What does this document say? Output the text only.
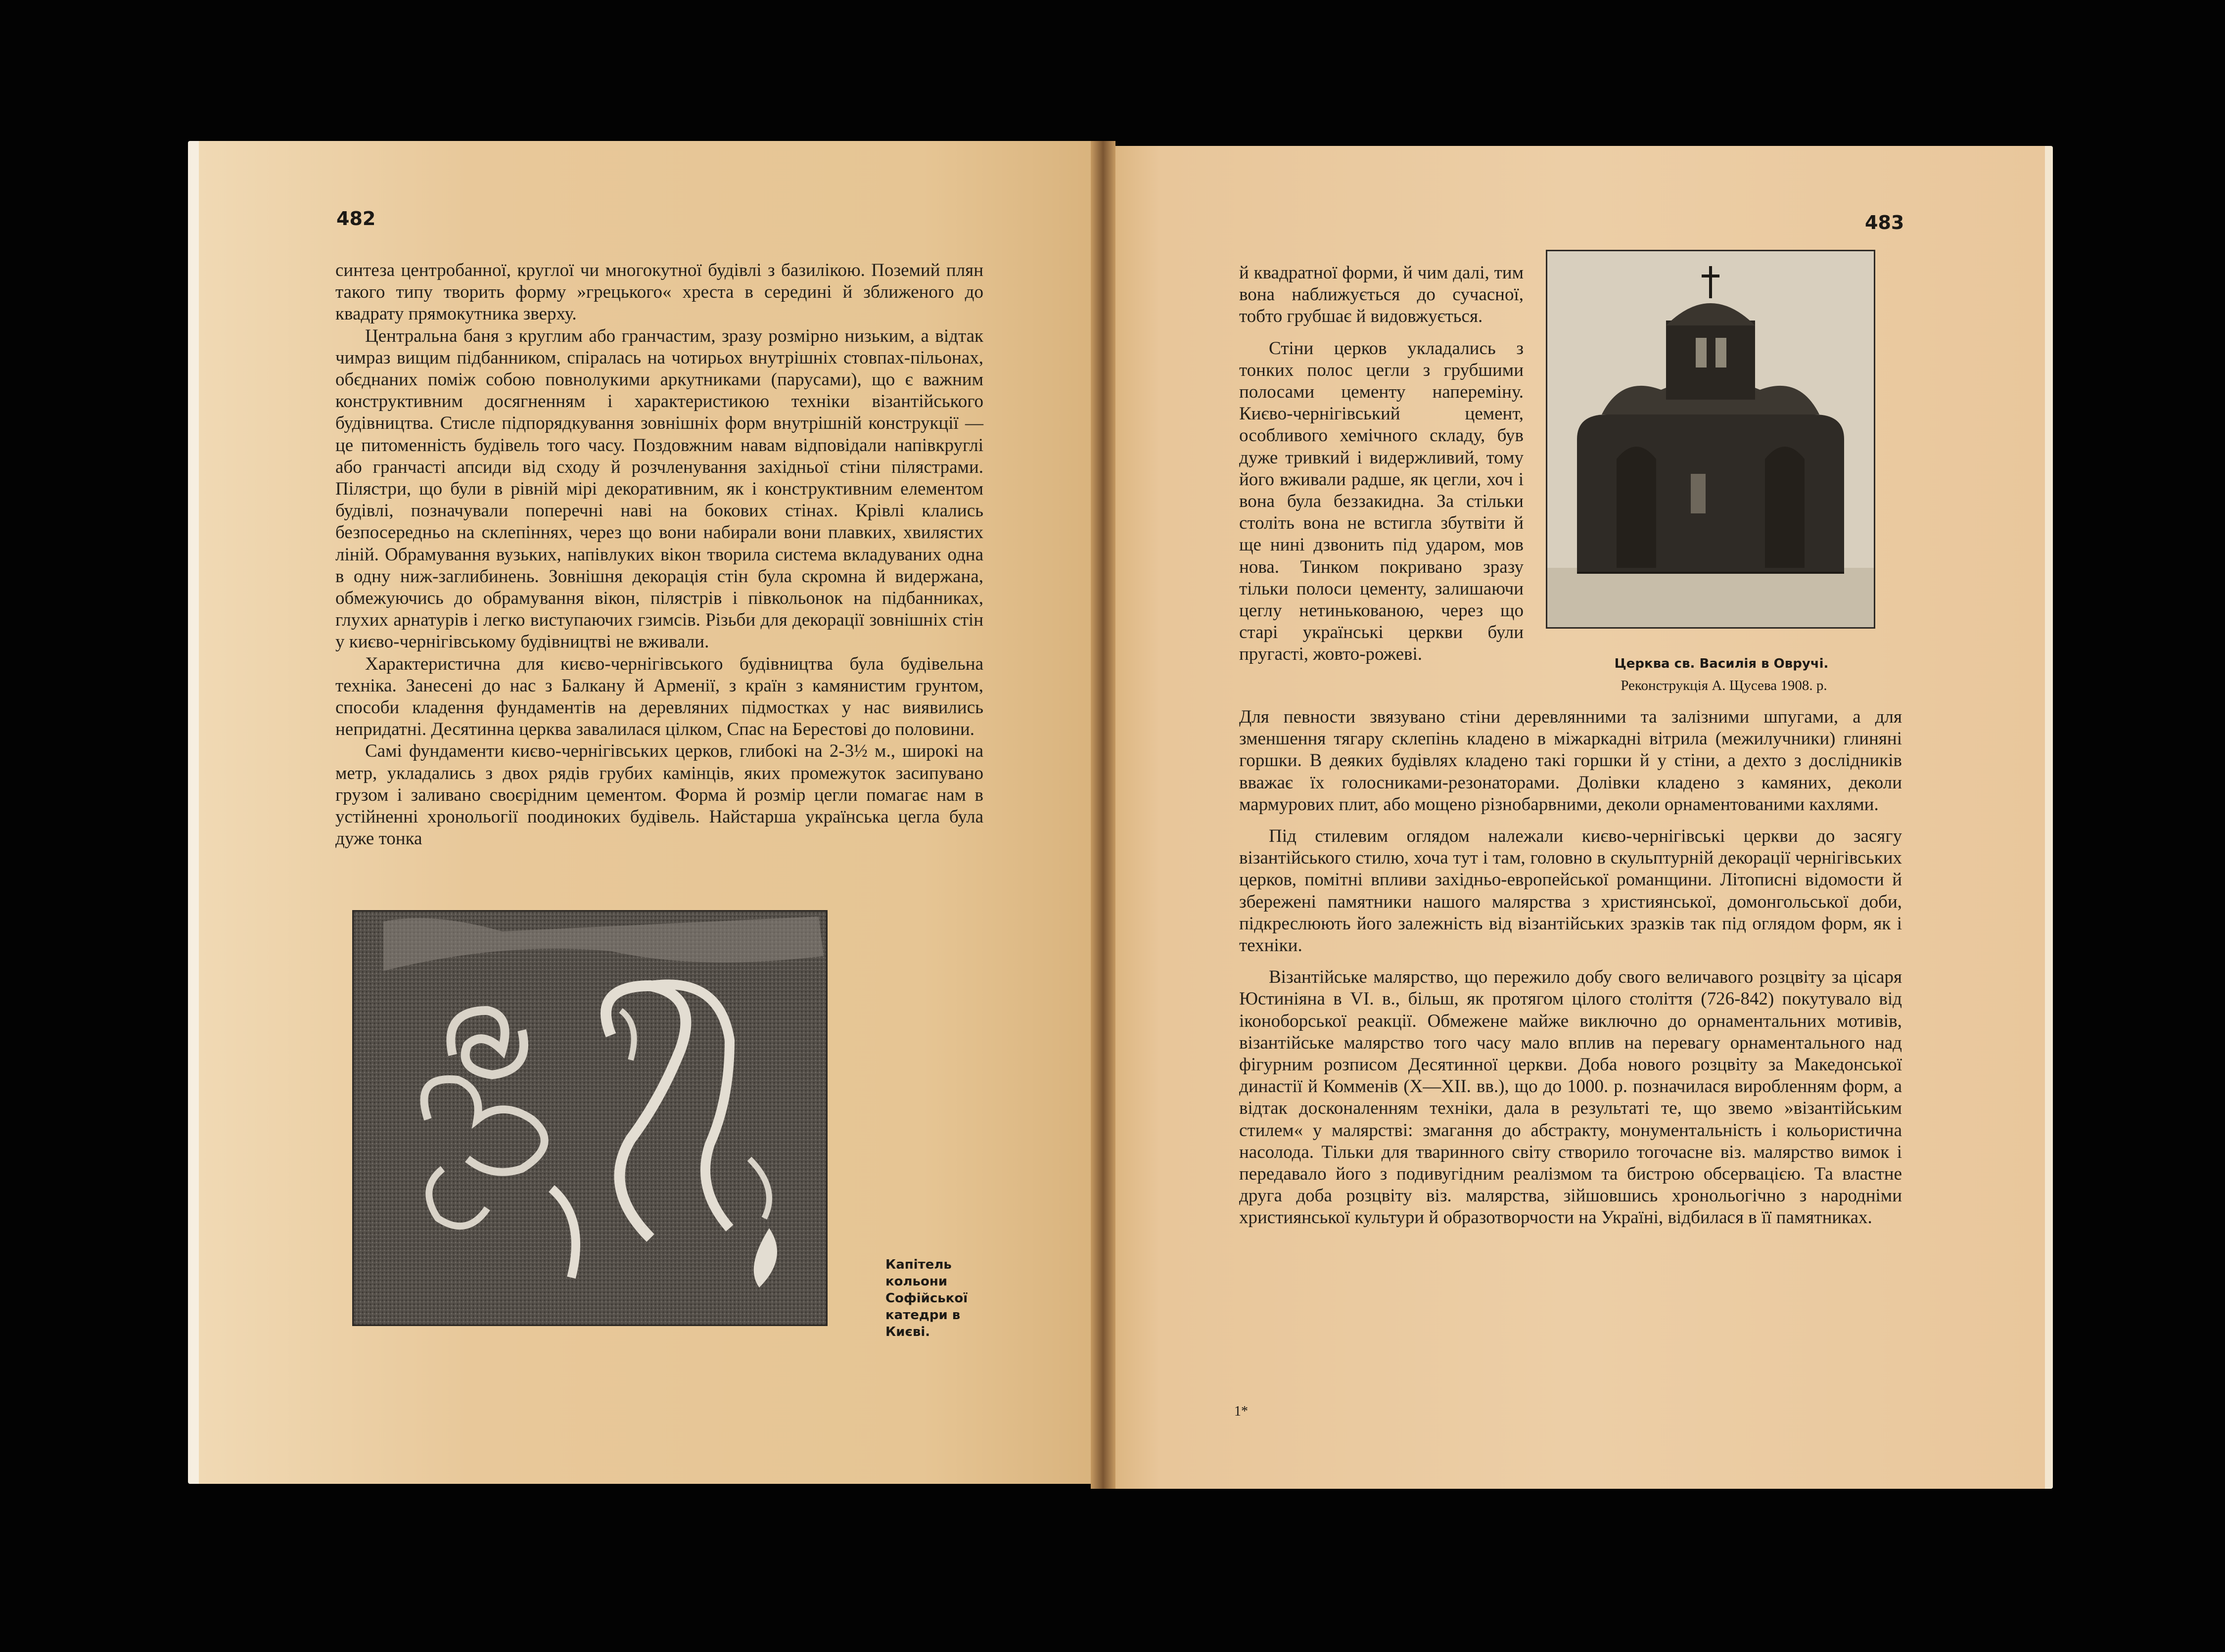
482

синтеза центробанної, круглої чи многокутної будівлі з базилікою. Поземий плян такого типу творить форму »грецького« хреста в середині й зближеного до квадрату прямокутника зверху.

Центральна баня з круглим або гранчастим, зразу розмірно низьким, а відтак чимраз вищим підбанником, спіралась на чотирьох внутрішніх стовпах-пільонах, обєднаних поміж собою повнолукими аркутниками (парусами), що є важним конструктивним досягненням і характеристикою техніки візантійського будівництва. Стисле підпорядкування зовнішніх форм внутрішній конструкції — це питоменність будівель того часу. Поздовжним навам відповідали напівкруглі або гранчасті апсиди від сходу й розчленування західньої стіни пілястрами. Пілястри, що були в рівній мірі декоративним, як і конструктивним елементом будівлі, позначували поперечні наві на бокових стінах. Крівлі клались безпосередньо на склепіннях, через що вони набирали вони плавких, хвилястих ліній. Обрамування вузьких, напівлуких вікон творила система вкладуваних одна в одну ниж-заглибинень. Зовнішня декорація стін була скромна й видержана, обмежуючись до обрамування вікон, пілястрів і півкольонок на підбанниках, глухих арнатурів і легко виступаючих гзимсів. Різьби для декорації зовнішніх стін у києво-чернігівському будівництві не вживали.

Характеристична для києво-чернігівського будівництва була будівельна техніка. Занесені до нас з Балкану й Арменії, з країн з камянистим грунтом, способи кладення фундаментів на деревляних підмостках у нас виявились непридатні. Десятинна церква завалилася цілком, Спас на Берестові до половини.

Самі фундаменти києво-чернігівських церков, глибокі на 2-3½ м., широкі на метр, укладались з двох рядів грубих камінців, яких промежуток засипувано грузом і заливано своєрідним цементом. Форма й розмір цегли помагає нам в устійненні хронольогії поодиноких будівель. Найстарша українська цегла була дуже тонка

Капітель кольони Софійської катедри в Києві.
483
Церква св. Василія в Овручі.
Реконструкція А. Щусева 1908. р.

й квадратної форми, й чим далі, тим вона наближується до сучасної, тобто грубшає й видовжується.

Стіни церков укладались з тонких полос цегли з грубшими полосами цементу напереміну. Києво-чернігівський цемент, особливого хемічного складу, був дуже тривкий і видержливий, тому його вживали радше, як цегли, хоч і вона була беззакидна. За стільки століть вона не встигла збутвіти й ще нині дзвонить під ударом, мов нова. Тинком покривано зразу тільки полоси цементу, залишаючи цеглу нетинькованою, через що старі українські церкви були пругасті, жовто-рожеві.

Для певности звязувано стіни деревлянними та залізними шпугами, а для зменшення тягару склепінь кладено в міжаркадні вітрила (межилучники) глиняні горшки. В деяких будівлях кладено такі горшки й у стіни, а дехто з дослідників вважає їх голосниками-резонаторами. Долівки кладено з камяних, деколи мармурових плит, або мощено різнобарвними, деколи орнаментованими кахлями.

Під стилевим оглядом належали києво-чернігівські церкви до засягу візантійського стилю, хоча тут і там, головно в скульптурній декорації чернігівських церков, помітні впливи західньо-европейської романщини. Літописні відомости й збережені памятники нашого малярства з християнської, домонгольської доби, підкреслюють його залежність від візантійських зразків так під оглядом форм, як і техніки.

Візантійське малярство, що пережило добу свого величавого розцвіту за цісаря Юстиніяна в VI. в., більш, як протягом цілого століття (726-842) покутувало від іконоборської реакції. Обмежене майже виключно до орнаментальних мотивів, візантійське малярство того часу мало вплив на перевагу орнаментального над фігурним розписом Десятинної церкви. Доба нового розцвіту за Македонської династії й Комменів (X—XII. вв.), що до 1000. р. позначилася виробленням форм, а відтак досконаленням техніки, дала в результаті те, що звемо »візантійським стилем« у малярстві: змагання до абстракту, монументальність і кольористична насолода. Тільки для тваринного світу створило тогочасне віз. малярство вимок і передавало його з подивугідним реалізмом та бистрою обсервацією. Та властне друга доба розцвіту віз. малярства, зійшовшись хронольогічно з народніми християнської культури й образотворчости на Україні, відбилася в її памятниках.

1*
